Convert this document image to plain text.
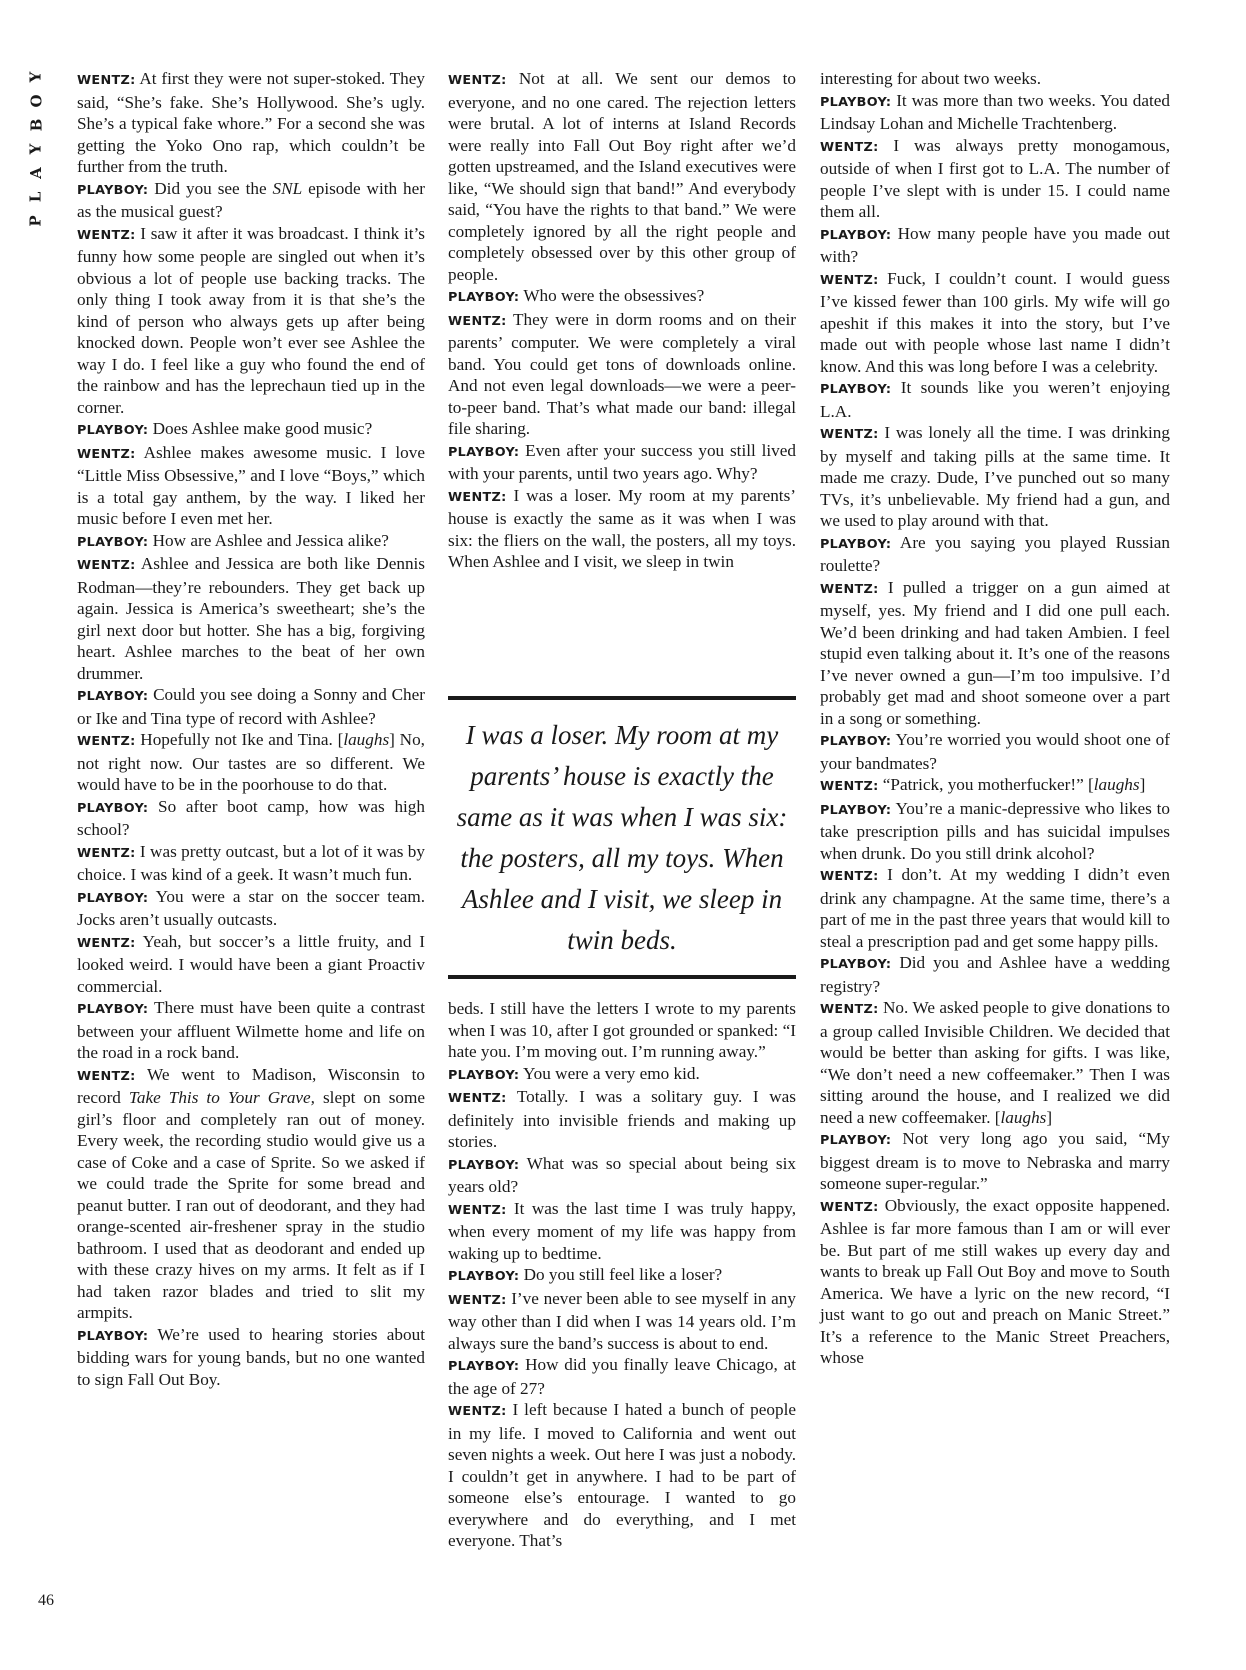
P
L
A
Y
B
O
Y	WENTZ: At first they were not super-stoked. They said, “She’s fake. She’s Hollywood. She’s ugly. She’s a typical fake whore.” For a second she was getting the Yoko Ono rap, which couldn’t be further from the truth.

PLAYBOY: Did you see the SNL episode with her as the musical guest?

WENTZ: I saw it after it was broadcast. I think it’s funny how some people are singled out when it’s obvious a lot of people use backing tracks. The only thing I took away from it is that she’s the kind of person who always gets up after being knocked down. People won’t ever see Ashlee the way I do. I feel like a guy who found the end of the rainbow and has the leprechaun tied up in the corner.

PLAYBOY: Does Ashlee make good music?

WENTZ: Ashlee makes awesome music. I love “Little Miss Obsessive,” and I love “Boys,” which is a total gay anthem, by the way. I liked her music before I even met her.

PLAYBOY: How are Ashlee and Jessica alike?

WENTZ: Ashlee and Jessica are both like Dennis Rodman—they’re rebounders. They get back up again. Jessica is America’s sweetheart; she’s the girl next door but hotter. She has a big, forgiving heart. Ashlee marches to the beat of her own drummer.

PLAYBOY: Could you see doing a Sonny and Cher or Ike and Tina type of record with Ashlee?

WENTZ: Hopefully not Ike and Tina. [laughs] No, not right now. Our tastes are so different. We would have to be in the poorhouse to do that.

PLAYBOY: So after boot camp, how was high school?

WENTZ: I was pretty outcast, but a lot of it was by choice. I was kind of a geek. It wasn’t much fun.

PLAYBOY: You were a star on the soccer team. Jocks aren’t usually outcasts.

WENTZ: Yeah, but soccer’s a little fruity, and I looked weird. I would have been a giant Proactiv commercial.

PLAYBOY: There must have been quite a contrast between your affluent Wilmette home and life on the road in a rock band.

WENTZ: We went to Madison, Wisconsin to record Take This to Your Grave, slept on some girl’s floor and completely ran out of money. Every week, the recording studio would give us a case of Coke and a case of Sprite. So we asked if we could trade the Sprite for some bread and peanut butter. I ran out of deodorant, and they had orange-scented air-freshener spray in the studio bathroom. I used that as deodorant and ended up with these crazy hives on my arms. It felt as if I had taken razor blades and tried to slit my armpits.

PLAYBOY: We’re used to hearing stories about bidding wars for young bands, but no one wanted to sign Fall Out Boy.

WENTZ: Not at all. We sent our demos to everyone, and no one cared. The rejection letters were brutal. A lot of interns at Island Records were really into Fall Out Boy right after we’d gotten upstreamed, and the Island executives were like, “We should sign that band!” And everybody said, “You have the rights to that band.” We were completely ignored by all the right people and completely obsessed over by this other group of people.

PLAYBOY: Who were the obsessives?

WENTZ: They were in dorm rooms and on their parents’ computer. We were completely a viral band. You could get tons of downloads online. And not even legal downloads—we were a peer-to-peer band. That’s what made our band: illegal file sharing.

PLAYBOY: Even after your success you still lived with your parents, until two years ago. Why?

WENTZ: I was a loser. My room at my parents’ house is exactly the same as it was when I was six: the fliers on the wall, the posters, all my toys. When Ashlee and I visit, we sleep in twin

I was a loser. My room at my parents’ house is exactly the same as it was when I was six: the posters, all my toys. When Ashlee and I visit, we sleep in twin beds.

beds. I still have the letters I wrote to my parents when I was 10, after I got grounded or spanked: “I hate you. I’m moving out. I’m running away.”

PLAYBOY: You were a very emo kid.

WENTZ: Totally. I was a solitary guy. I was definitely into invisible friends and making up stories.

PLAYBOY: What was so special about being six years old?

WENTZ: It was the last time I was truly happy, when every moment of my life was happy from waking up to bedtime.

PLAYBOY: Do you still feel like a loser?

WENTZ: I’ve never been able to see myself in any way other than I did when I was 14 years old. I’m always sure the band’s success is about to end.

PLAYBOY: How did you finally leave Chicago, at the age of 27?

WENTZ: I left because I hated a bunch of people in my life. I moved to California and went out seven nights a week. Out here I was just a nobody. I couldn’t get in anywhere. I had to be part of someone else’s entourage. I wanted to go everywhere and do everything, and I met everyone. That’s

interesting for about two weeks.

PLAYBOY: It was more than two weeks. You dated Lindsay Lohan and Michelle Trachtenberg.

WENTZ: I was always pretty monogamous, outside of when I first got to L.A. The number of people I’ve slept with is under 15. I could name them all.

PLAYBOY: How many people have you made out with?

WENTZ: Fuck, I couldn’t count. I would guess I’ve kissed fewer than 100 girls. My wife will go apeshit if this makes it into the story, but I’ve made out with people whose last name I didn’t know. And this was long before I was a celebrity.

PLAYBOY: It sounds like you weren’t enjoying L.A.

WENTZ: I was lonely all the time. I was drinking by myself and taking pills at the same time. It made me crazy. Dude, I’ve punched out so many TVs, it’s unbelievable. My friend had a gun, and we used to play around with that.

PLAYBOY: Are you saying you played Russian roulette?

WENTZ: I pulled a trigger on a gun aimed at myself, yes. My friend and I did one pull each. We’d been drinking and had taken Ambien. I feel stupid even talking about it. It’s one of the reasons I’ve never owned a gun—I’m too impulsive. I’d probably get mad and shoot someone over a part in a song or something.

PLAYBOY: You’re worried you would shoot one of your bandmates?

WENTZ: “Patrick, you motherfucker!” [laughs]

PLAYBOY: You’re a manic-depressive who likes to take prescription pills and has suicidal impulses when drunk. Do you still drink alcohol?

WENTZ: I don’t. At my wedding I didn’t even drink any champagne. At the same time, there’s a part of me in the past three years that would kill to steal a prescription pad and get some happy pills.

PLAYBOY: Did you and Ashlee have a wedding registry?

WENTZ: No. We asked people to give donations to a group called Invisible Children. We decided that would be better than asking for gifts. I was like, “We don’t need a new coffeemaker.” Then I was sitting around the house, and I realized we did need a new coffeemaker. [laughs]

PLAYBOY: Not very long ago you said, “My biggest dream is to move to Nebraska and marry someone super-regular.”

WENTZ: Obviously, the exact opposite happened. Ashlee is far more famous than I am or will ever be. But part of me still wakes up every day and wants to break up Fall Out Boy and move to South America. We have a lyric on the new record, “I just want to go out and preach on Manic Street.” It’s a reference to the Manic Street Preachers, whose

46
